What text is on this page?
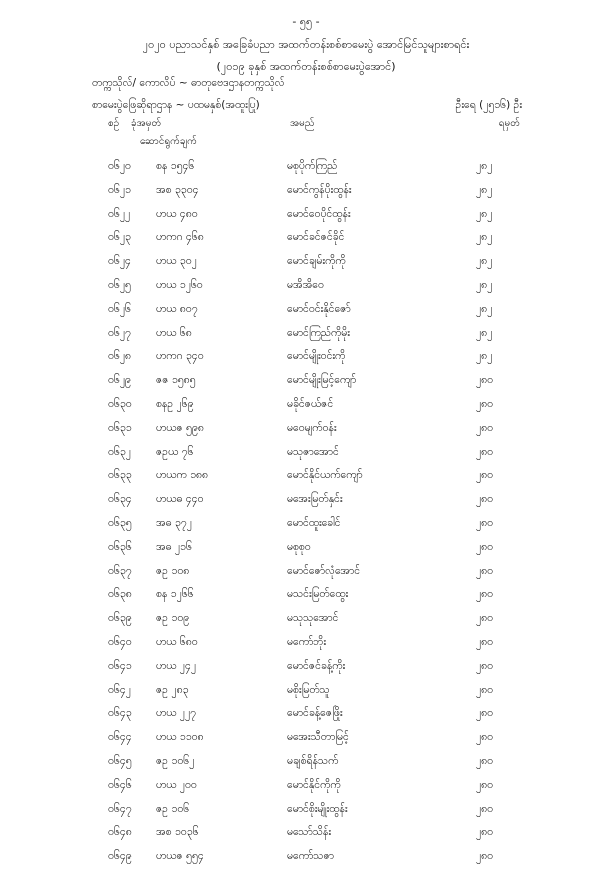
- ၅၅ -
၂၀၂၀ ပညာသင်နှစ် အခြေခံပညာ အထက်တန်းစစ်စာမေးပွဲ အောင်မြင်သူများစာရင်း
(၂၀၁၉ ခုနှစ် အထက်တန်းစစ်စာမေးပွဲအောင်)
တက္ကသိုလ်/ ကောလိပ် ~ ဓာတုဗေဒဌာနတက္ကသိုလ်
စာမေးပွဲဖြေဆိုရာဌာန ~ ပထမနှစ်(အထူးပြု)	ဦးရေ (၂၅၁၆) ဦး
စဉ် ခုံအမှတ်
ဆောင်ရွက်ချက်
အမည်	ရမှတ်
၀၆၂၀ စန ၁၅၄၆	မစုပိုက်ကြည်	၂၈၂
၀၆၂၁ အစ ၃၃၀၄	မောင်ကွန်ပိုးထွန်း	၂၈၂
၀၆၂၂ ဟယ ၄၈၀	မောင်ဝေပိုင်ထွန်း	၂၈၂
၀၆၂၃ ဟကဂ ၄၆၈	မောင်ခင်ဇင်ခိုင်	၂၈၂
၀၆၂၄ ဟယ ၃၀၂	မောင်ချမ်းကိုကို	၂၈၂
၀၆၂၅ ဟယ ၁၂၆၀	မအိအိဝေ	၂၈၂
၀၆၂၆ ဟယ ၈၀၇	မောင်ဝင်းနိုင်ဇော်	၂၈၂
၀၆၂၇ ဟယ ၆၈	မောင်ကြည်ကိုမိုး	၂၈၂
၀၆၂၈ ဟကဂ ၃၄၀	မောင်မျိုးဝင်းကို	၂၈၂
၀၆၂၉ ဇဇ ၁၅၈၅	မောင်မျိုးမြင့်ကျော်	၂၈၀
၀၆၃၀ စနဥ ၂၆၉	မခိုင်ဇယ်ဇင်	၂၈၀
၀၆၃၁ ဟယဇ ၅၉၈	မဝေမျက်ဝန်း	၂၈၀
၀၆၃၂ ဇဥယ ၇၆	မသုဇာအောင်	၂၈၀
၀၆၃၃ ဟယက ၁၈၈	မောင်နိုင်ယက်ကျော်	၂၈၀
၀၆၃၄ ဟယဓ ၄၄၀	မအေးမြတ်နှင်း	၂၈၀
၀၆၃၅ အဓ ၃၇၂	မောင်ထူးခေါင်	၂၈၀
၀၆၃၆ အဓ ၂၁၆	မစုစုဝ	၂၈၀
၀၆၃၇ ဇဥ ၁၀၈	မောင်ဇော်လုံအောင်	၂၈၀
၀၆၃၈ စန ၁၂၆၆	မသင်းမြတ်ထွေး	၂၈၀
၀၆၃၉ ဇဥ ၁၀၉	မသုသုအောင်	၂၈၀
၀၆၄၀ ဟယ ၆၈၀	မကော်ဘိုး	၂၈၀
၀၆၄၁ ဟယ ၂၄၂	မောင်ဇင်ခန့်ကိုး	၂၈၀
၀၆၄၂ ဇဥ ၂၈၃	မစိုးမြတ်သူ	၂၈၀
၀၆၄၃ ဟယ ၂၂၇	မောင်ခန့်ဇေဖြိုး	၂၈၀
၀၆၄၄ ဟယ ၁၁၀၈	မအေးသီတာမြင့်	၂၈၀
၀၆၄၅ ဇဥ ၁၀၆၂	မချစ်ရိန်သက်	၂၈၀
၀၆၄၆ ဟယ ၂၀၀	မောင်နိုင်ကိုကို	၂၈၀
၀၆၄၇ ဇဥ ၁၀၆	မောင်စိုးမျိုးထွန်း	၂၈၀
၀၆၄၈ အစ ၁၀၃၆	မသော်သိန်း	၂၈၀
၀၆၄၉ ဟယဇ ၅၅၄	မကော်သဇာ	၂၈၀
